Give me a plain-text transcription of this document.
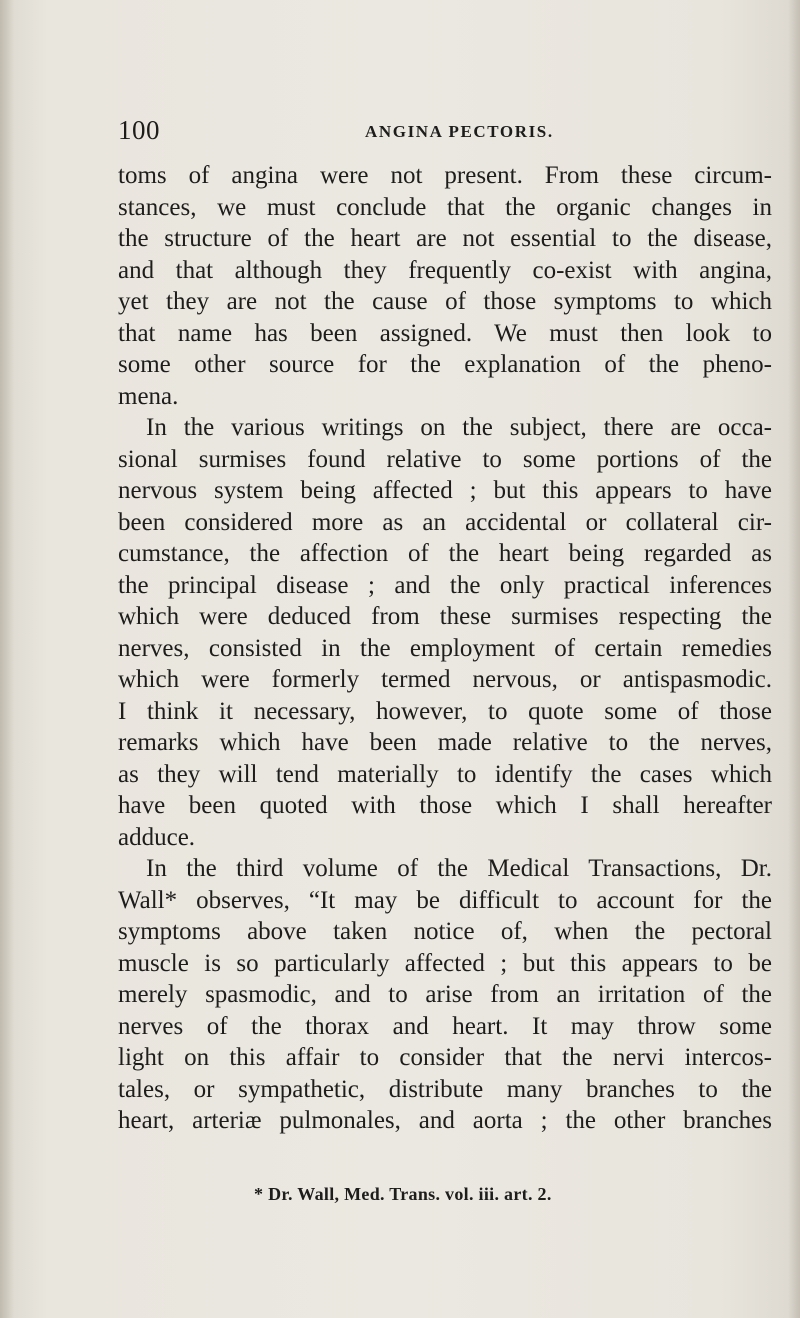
100	ANGINA PECTORIS.
toms of angina were not present. From these circum-
stances, we must conclude that the organic changes in
the structure of the heart are not essential to the disease,
and that although they frequently co-exist with angina,
yet they are not the cause of those symptoms to which
that name has been assigned. We must then look to
some other source for the explanation of the pheno-
mena.
In the various writings on the subject, there are occa-
sional surmises found relative to some portions of the
nervous system being affected ; but this appears to have
been considered more as an accidental or collateral cir-
cumstance, the affection of the heart being regarded as
the principal disease ; and the only practical inferences
which were deduced from these surmises respecting the
nerves, consisted in the employment of certain remedies
which were formerly termed nervous, or antispasmodic.
I think it necessary, however, to quote some of those
remarks which have been made relative to the nerves,
as they will tend materially to identify the cases which
have been quoted with those which I shall hereafter
adduce.
In the third volume of the Medical Transactions, Dr.
Wall* observes, “It may be difficult to account for the
symptoms above taken notice of, when the pectoral
muscle is so particularly affected ; but this appears to be
merely spasmodic, and to arise from an irritation of the
nerves of the thorax and heart. It may throw some
light on this affair to consider that the nervi intercos-
tales, or sympathetic, distribute many branches to the
heart, arteriæ pulmonales, and aorta ; the other branches
* Dr. Wall, Med. Trans. vol. iii. art. 2.
